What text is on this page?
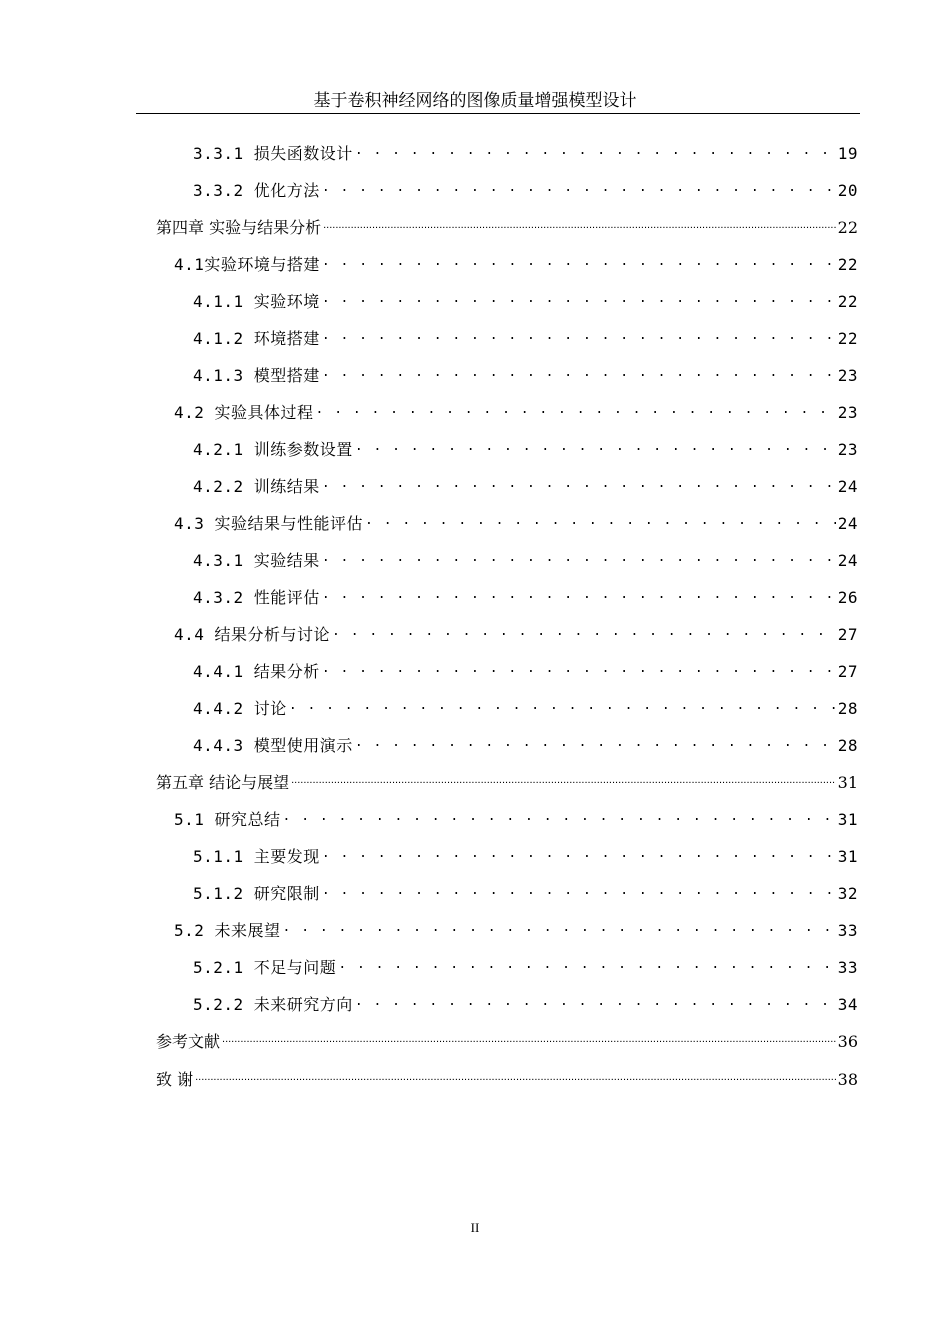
基于卷积神经网络的图像质量增强模型设计
3.3.1 损失函数设计 . . .	19
3.3.2 优化方法 . . .	20
第四章 实验与结果分析 .....	22
4.1实验环境与搭建 . . .	22
4.1.1 实验环境 . . .	22
4.1.2 环境搭建 . . .	22
4.1.3 模型搭建 . . .	23
4.2 实验具体过程 . . .	23
4.2.1 训练参数设置 . . .	23
4.2.2 训练结果 . . .	24
4.3 实验结果与性能评估 . . .	24
4.3.1 实验结果 . . .	24
4.3.2 性能评估 . . .	26
4.4 结果分析与讨论 . . .	27
4.4.1 结果分析 . . .	27
4.4.2 讨论 . . .	28
4.4.3 模型使用演示 . . .	28
第五章 结论与展望 .....	31
5.1 研究总结 . . .	31
5.1.1 主要发现 . . .	31
5.1.2 研究限制 . . .	32
5.2 未来展望 . . .	33
5.2.1 不足与问题 . . .	33
5.2.2 未来研究方向 . . .	34
参考文献 .....	36
致 谢 .....	38
II
